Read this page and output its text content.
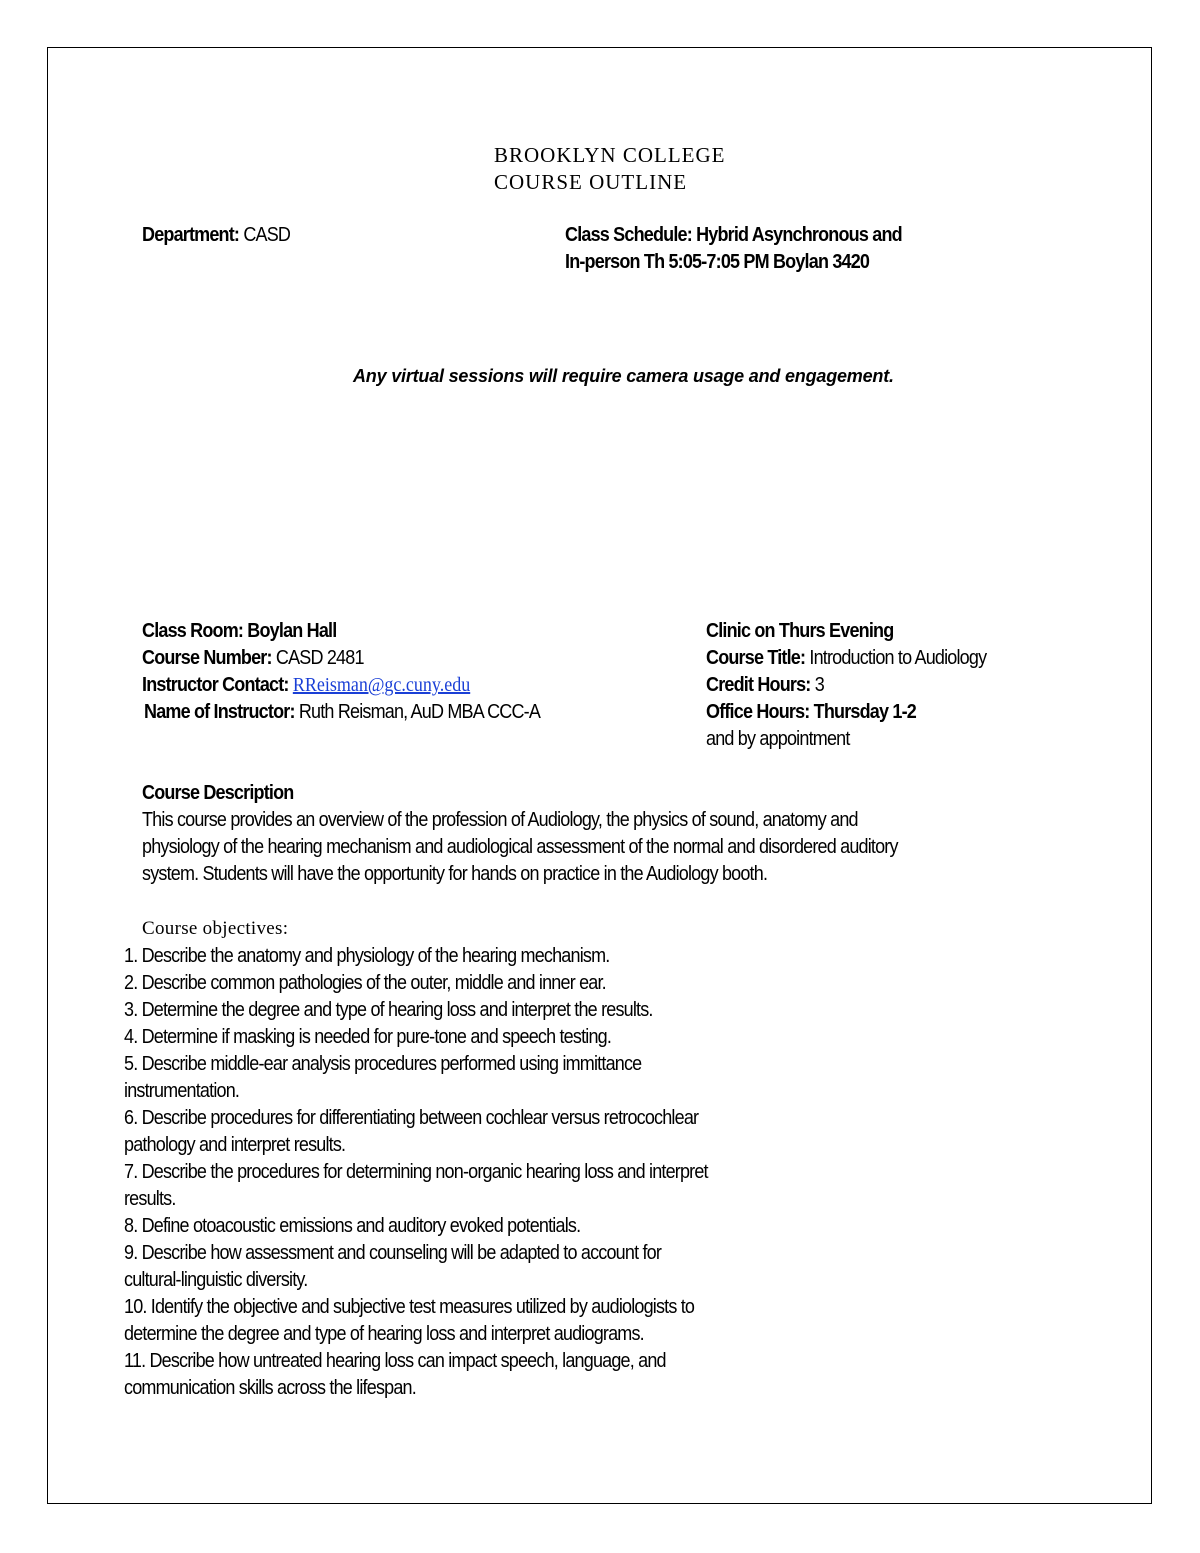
BROOKLYN COLLEGE
COURSE OUTLINE
Department: CASD	Class Schedule: Hybrid Asynchronous and
In-person Th 5:05-7:05 PM Boylan 3420
Any virtual sessions will require camera usage and engagement.
Class Room: Boylan Hall
Course Number: CASD 2481
Instructor Contact: RReisman@gc.cuny.edu
Name of Instructor: Ruth Reisman, AuD MBA CCC-A
Clinic on Thurs Evening
Course Title: Introduction to Audiology
Credit Hours: 3
Office Hours: Thursday 1-2
and by appointment
Course Description
This course provides an overview of the profession of Audiology, the physics of sound, anatomy and
physiology of the hearing mechanism and audiological assessment of the normal and disordered auditory
system. Students will have the opportunity for hands on practice in the Audiology booth.
Course objectives:
1. Describe the anatomy and physiology of the hearing mechanism.
2. Describe common pathologies of the outer, middle and inner ear.
3. Determine the degree and type of hearing loss and interpret the results.
4. Determine if masking is needed for pure-tone and speech testing.
5. Describe middle-ear analysis procedures performed using immittance
instrumentation.
6. Describe procedures for differentiating between cochlear versus retrocochlear
pathology and interpret results.
7. Describe the procedures for determining non-organic hearing loss and interpret
results.
8. Define otoacoustic emissions and auditory evoked potentials.
9. Describe how assessment and counseling will be adapted to account for
cultural-linguistic diversity.
10. Identify the objective and subjective test measures utilized by audiologists to
determine the degree and type of hearing loss and interpret audiograms.
11. Describe how untreated hearing loss can impact speech, language, and
communication skills across the lifespan.
